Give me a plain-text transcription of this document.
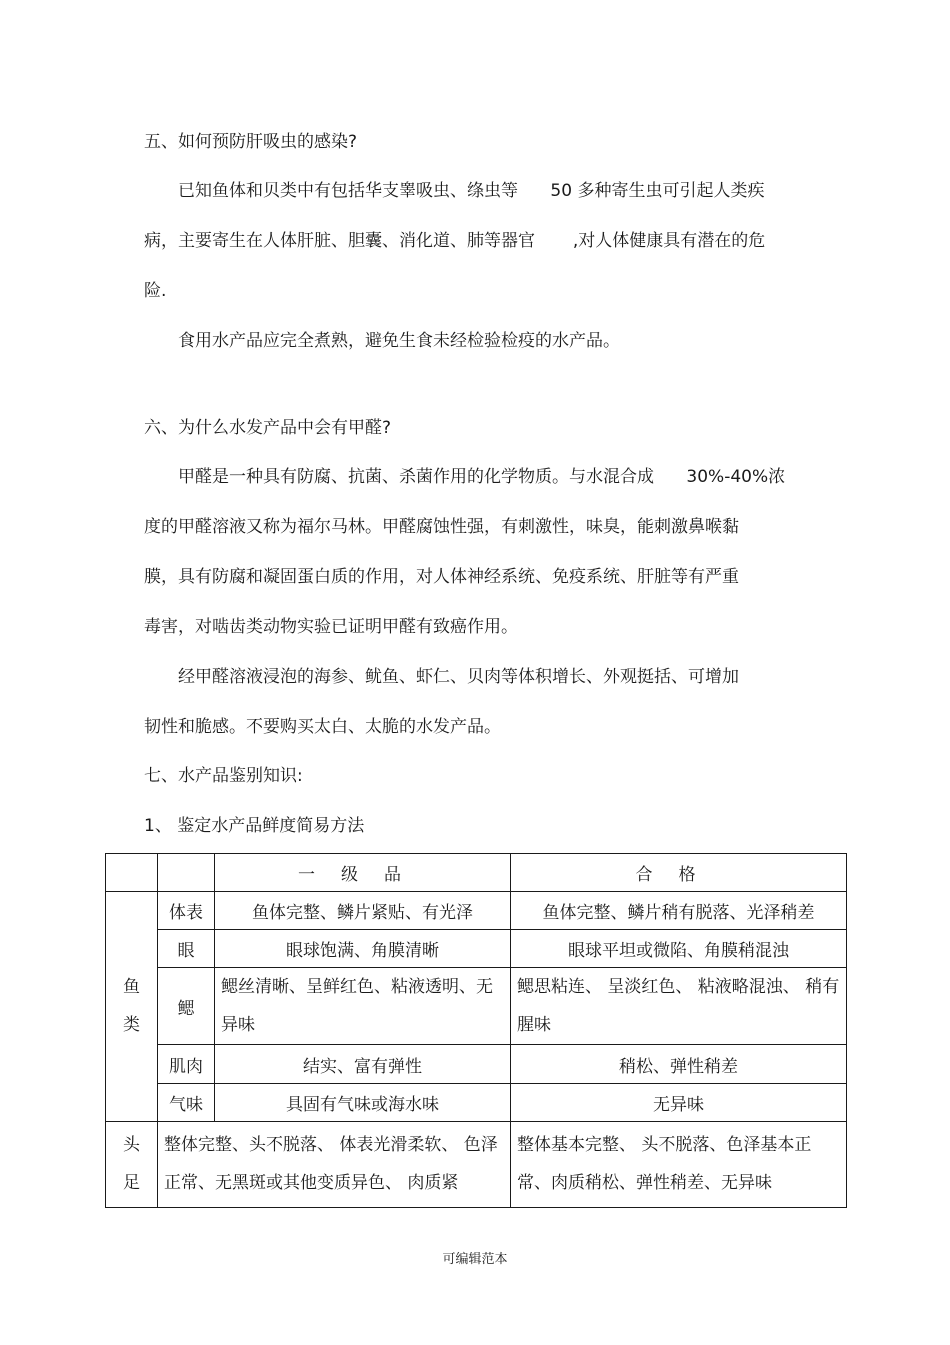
五、如何预防肝吸虫的感染?
已知鱼体和贝类中有包括华支睾吸虫、绦虫等      50 多种寄生虫可引起人类疾
病，主要寄生在人体肝脏、胆囊、消化道、肺等器官       ,对人体健康具有潜在的危
险.
食用水产品应完全煮熟，避免生食未经检验检疫的水产品。
六、为什么水发产品中会有甲醛?
甲醛是一种具有防腐、抗菌、杀菌作用的化学物质。与水混合成      30%-40%浓
度的甲醛溶液又称为福尔马林。甲醛腐蚀性强，有刺激性，味臭，能刺激鼻喉黏
膜，具有防腐和凝固蛋白质的作用，对人体神经系统、免疫系统、肝脏等有严重
毒害，对啮齿类动物实验已证明甲醛有致癌作用。
经甲醛溶液浸泡的海参、鱿鱼、虾仁、贝肉等体积增长、外观挺括、可增加
韧性和脆感。不要购买太白、太脆的水发产品。
七、水产品鉴别知识:
1、 鉴定水产品鲜度简易方法
		一级品	合格
鱼类	体表	鱼体完整、鳞片紧贴、有光泽	鱼体完整、鳞片稍有脱落、光泽稍差
	眼	眼球饱满、角膜清晰	眼球平坦或微陷、角膜稍混浊
	鳃	鳃丝清晰、呈鲜红色、粘液透明、无异味	鳃思粘连、 呈淡红色、 粘液略混浊、 稍有腥味
	肌肉	结实、富有弹性	稍松、弹性稍差
	气味	具固有气味或海水味	无异味
头足	整体完整、头不脱落、 体表光滑柔软、 色泽正常、无黑斑或其他变质异色、 肉质紧		整体基本完整、 头不脱落、色泽基本正常、肉质稍松、弹性稍差、无异味
可编辑范本
